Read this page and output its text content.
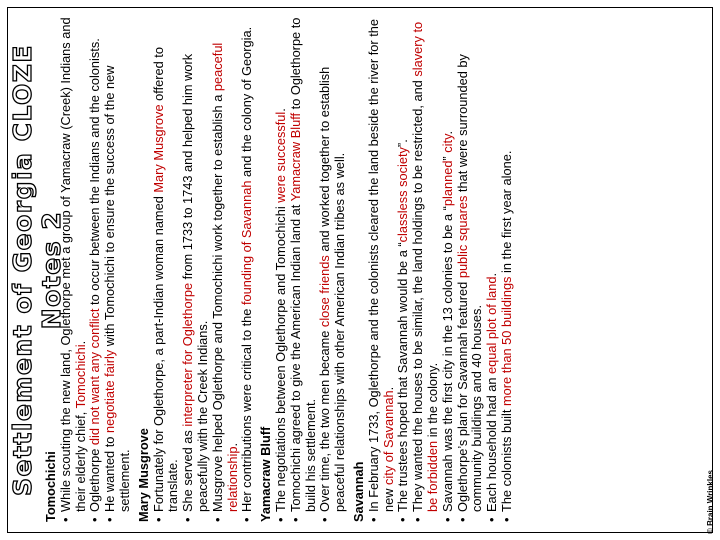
Settlement of Georgia CLOZE Notes 2

Tomochichi • While scouting the new land, Oglethorpe met a group of Yamacraw (Creek) Indians and their elderly chief, Tomochichi.
• Oglethorpe did not want any conflict to occur between the Indians and the colonists.
• He wanted to negotiate fairly with Tomochichi to ensure the success of the new settlement. Mary Musgrove • Fortunately for Oglethorpe, a part-Indian woman named Mary Musgrove offered to translate. • She served as interpreter for Oglethorpe from 1733 to 1743 and helped him work peacefully with the Creek Indians. • Musgrove helped Oglethorpe and Tomochichi work together to establish a peaceful relationship. • Her contributions were critical to the founding of Savannah and the colony of Georgia.

Yamacraw Bluff • The negotiations between Oglethorpe and Tomochichi were successful.
• Tomochichi agreed to give the American Indian land at Yamacraw Bluff to Oglethorpe to build his settlement. • Over time, the two men became close friends and worked together to establish peaceful relationships with other American Indian tribes as well. Savannah • In February 1733, Oglethorpe and the colonists cleared the land beside the river for the new city of Savannah. • The trustees hoped that Savannah would be a “classless society”. • They wanted the houses to be similar, the land holdings to be restricted, and slavery to be forbidden in the colony. • Savannah was the first city in the 13 colonies to be a “planned” city.
• Oglethorpe’s plan for Savannah featured public squares that were surrounded by community buildings and 40 houses. • Each household had an equal plot of land.
• The colonists built more than 50 buildings in the first year alone.
© Brain Wrinkles
